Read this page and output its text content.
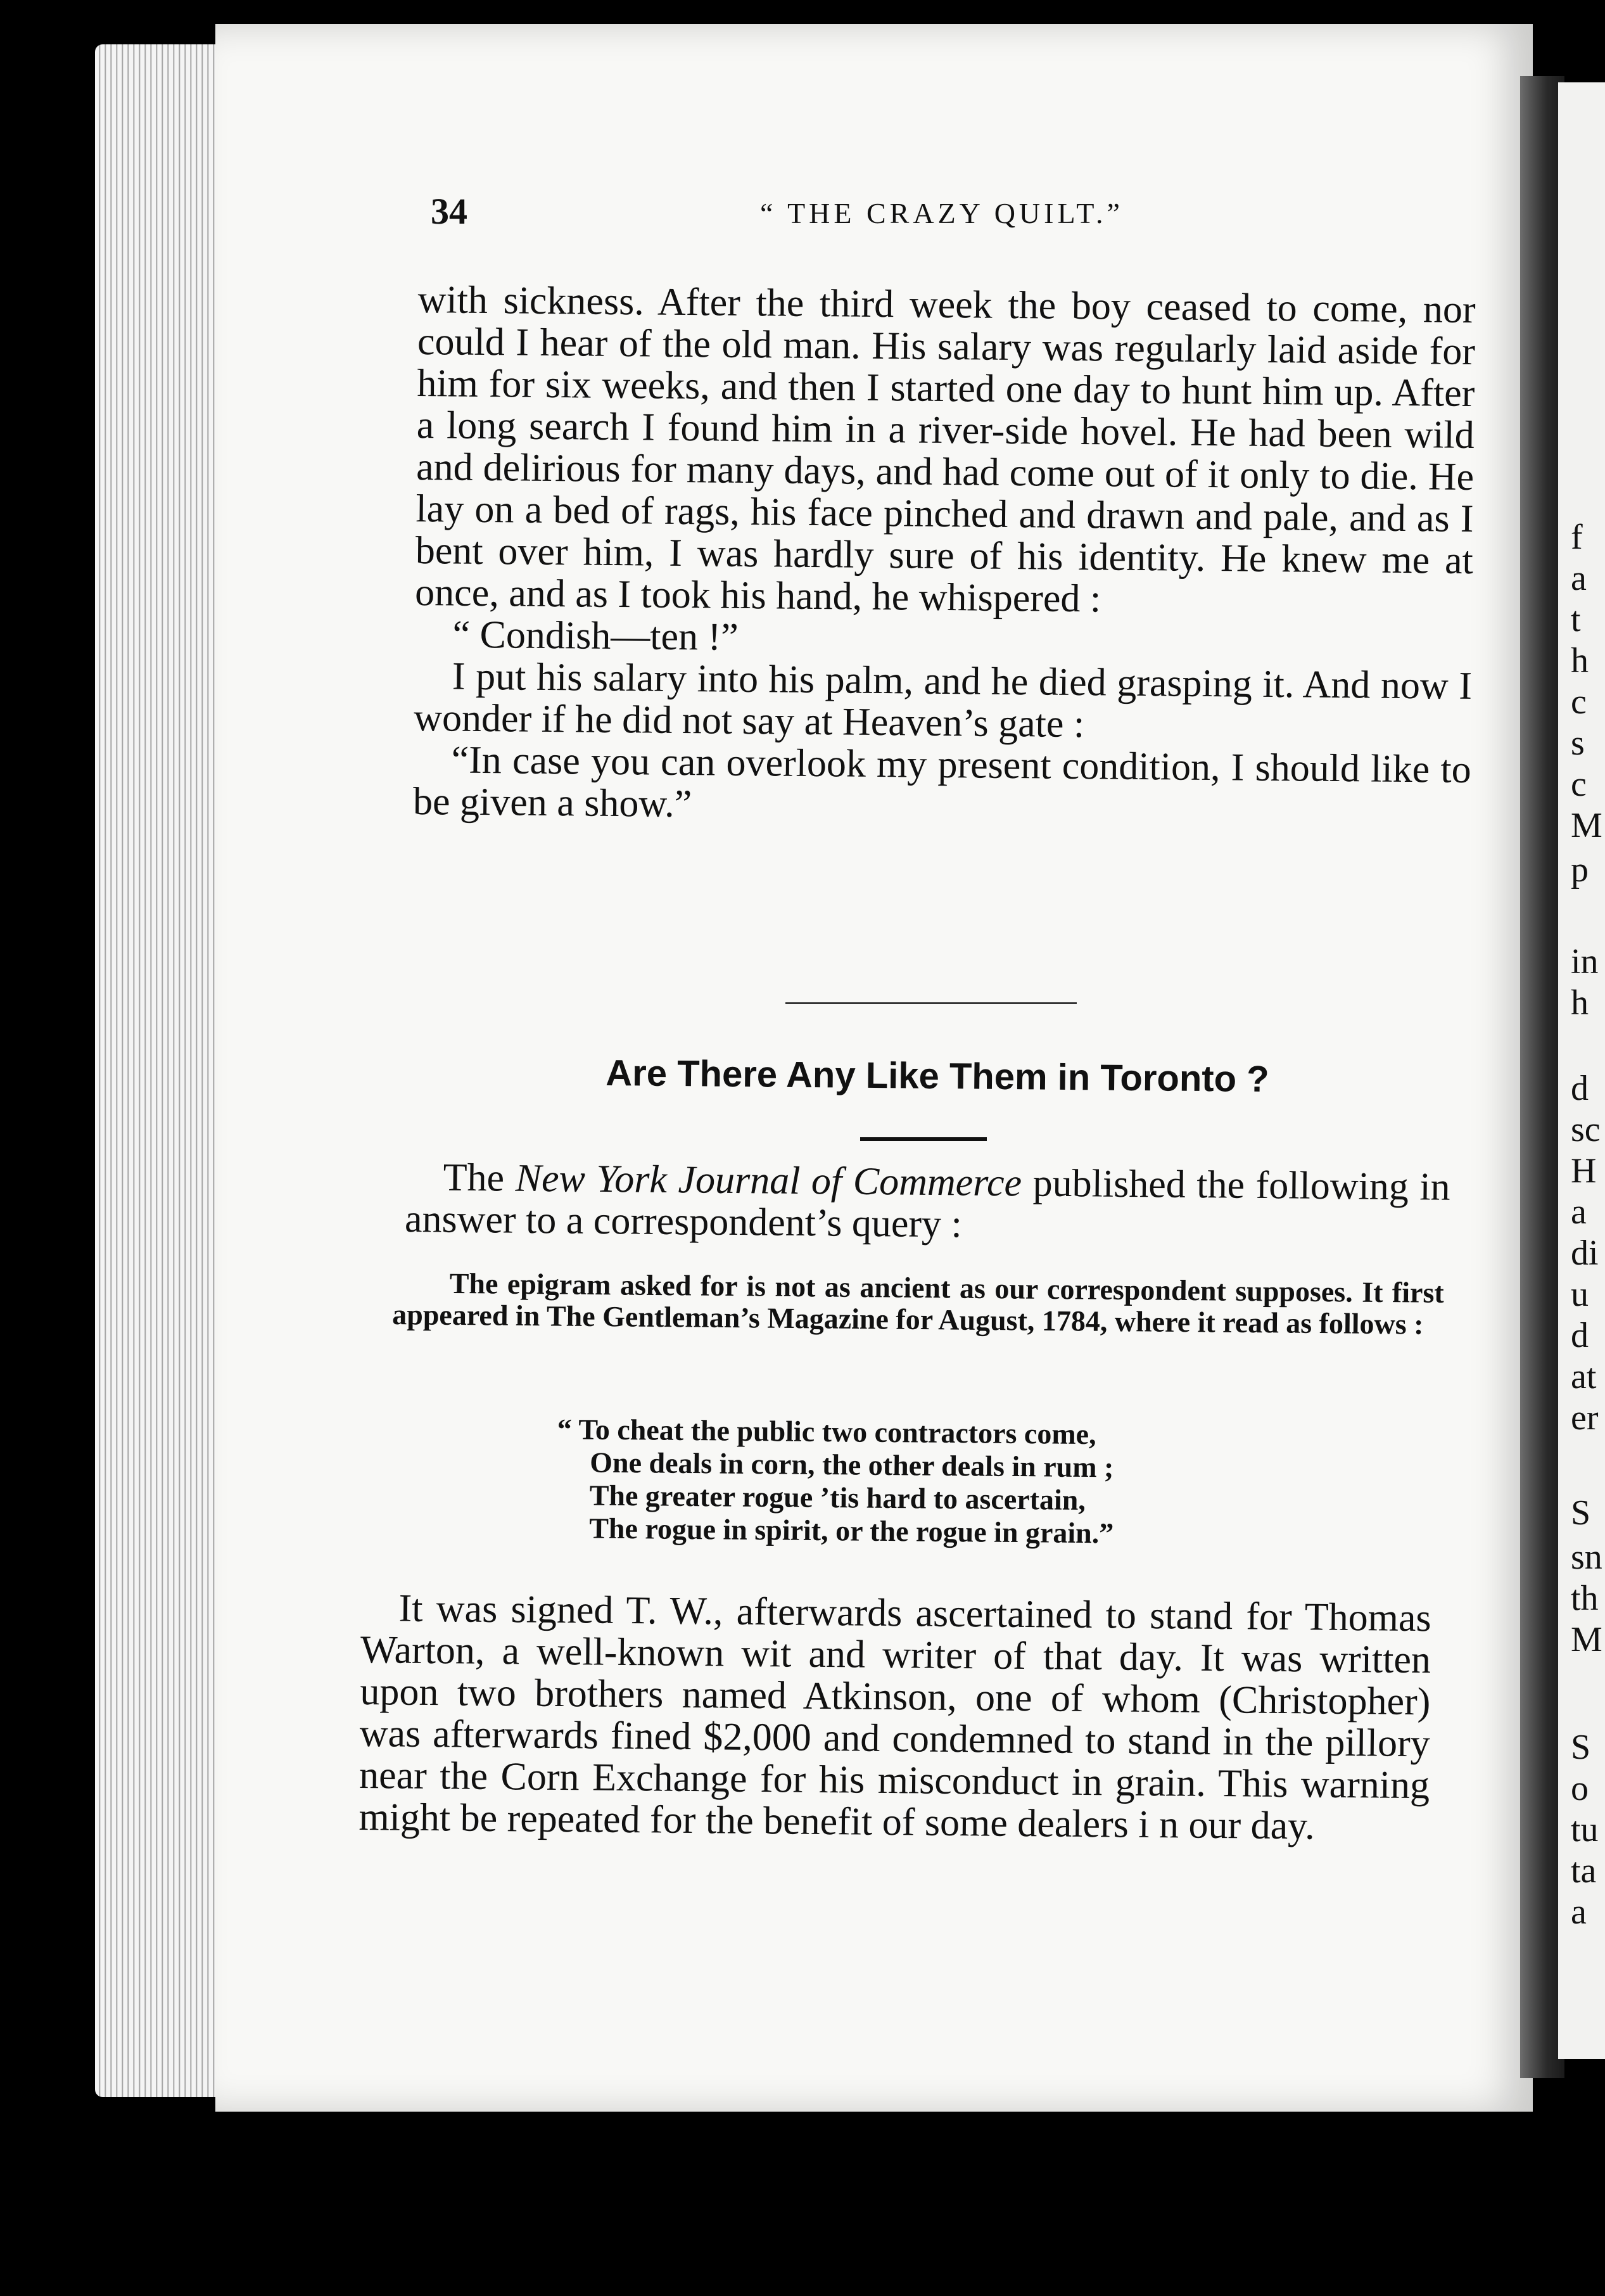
f
a
t
h
c
s
c
M
p
in
h
d
sc
H
a
di
u
d
at
er
S
sn
th
M
S
o
tu
ta
a
34	“ THE CRAZY QUILT.”

with sickness. After the third week the boy ceased to come, nor could I hear of the old man. His salary was regularly laid aside for him for six weeks, and then I started one day to hunt him up. After a long search I found him in a river-side hovel. He had been wild and delirious for many days, and had come out of it only to die. He lay on a bed of rags, his face pinched and drawn and pale, and as I bent over him, I was hardly sure of his identity. He knew me at once, and as I took his hand, he whispered :

“ Condish—ten !”

I put his salary into his palm, and he died grasping it. And now I wonder if he did not say at Heaven’s gate :

“In case you can overlook my present condition, I should like to be given a show.”

Are There Any Like Them in Toronto ?

The New York Journal of Commerce published the following in answer to a correspondent’s query :

The epigram asked for is not as ancient as our correspondent supposes. It first appeared in The Gentleman’s Magazine for August, 1784, where it read as follows :

“ To cheat the public two contractors come,
One deals in corn, the other deals in rum ;
The greater rogue ’tis hard to ascertain,
The rogue in spirit, or the rogue in grain.”

It was signed T. W., afterwards ascertained to stand for Thomas Warton, a well-known wit and writer of that day. It was written upon two brothers named Atkinson, one of whom (Christopher) was afterwards fined $2,000 and condemned to stand in the pillory near the Corn Exchange for his misconduct in grain. This warning might be repeated for the benefit of some dealers i n our day.
